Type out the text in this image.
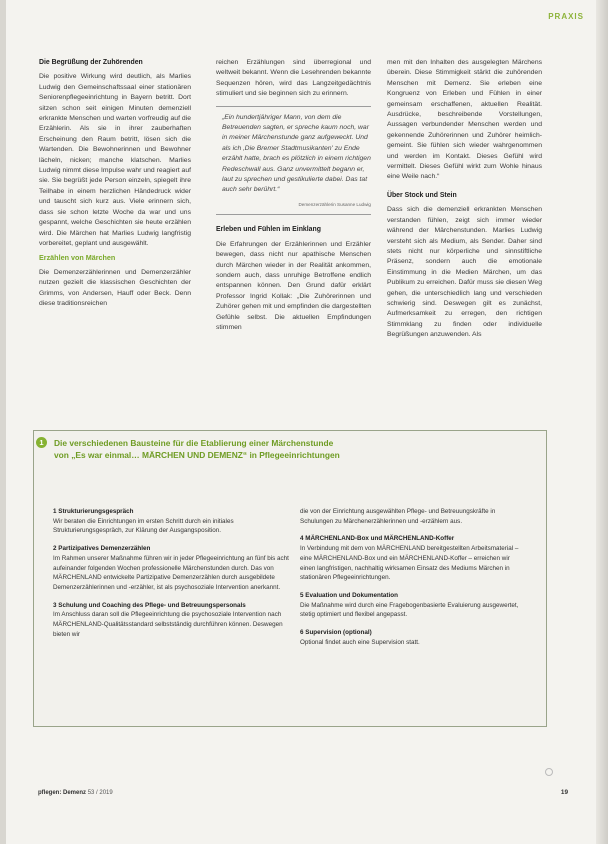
PRAXIS

Die Begrüßung der Zuhörenden

Die positive Wirkung wird deutlich, als Marlies Ludwig den Gemeinschaftssaal einer stationären Seniorenpflegeeinrichtung in Bayern betritt. Dort sitzen schon seit einigen Minuten demenziell erkrankte Menschen und warten vorfreudig auf die Erzählerin. Als sie in ihrer zauberhaften Erscheinung den Raum betritt, lösen sich die Wartenden. Die Bewohnerinnen und Bewohner lächeln, nicken; manche klatschen. Marlies Ludwig nimmt diese Impulse wahr und reagiert auf sie. Sie begrüßt jede Person einzeln, spiegelt ihre Teilhabe in einem herzlichen Händedruck wider und tauscht sich kurz aus. Viele erinnern sich, dass sie schon letzte Woche da war und uns gespannt, welche Geschichten sie heute erzählen wird. Die Märchen hat Marlies Ludwig langfristig vorbereitet, geplant und ausgewählt.

Erzählen von Märchen

Die Demenzerzählerinnen und Demenzerzähler nutzen gezielt die klassischen Geschichten der Grimms, von Andersen, Hauff oder Beck. Denn diese traditionsreichen

reichen Erzählungen sind überregional und weltweit bekannt. Wenn die Lesehrenden bekannte Sequenzen hören, wird das Langzeitgedächtnis stimuliert und sie beginnen sich zu erinnern.

„Ein hundertjähriger Mann, von dem die Betreuenden sagten, er spreche kaum noch, war in meiner Märchenstunde ganz aufgeweckt. Und als ich ‚Die Bremer Stadtmusikanten' zu Ende erzählt hatte, brach es plötzlich in einem richtigen Redeschwall aus. Ganz unvermittelt begann er, laut zu sprechen und gestikulierte dabei. Das tat auch sehr berührt.“
Demenzerzählerin Susanne Ludwig

Erleben und Fühlen im Einklang

Die Erfahrungen der Erzählerinnen und Erzähler bewegen, dass nicht nur apathische Menschen durch Märchen wieder in der Realität ankommen, sondern auch, dass unruhige Betroffene endlich entspannen können. Den Grund dafür erklärt Professor Ingrid Kollak: „Die Zuhörerinnen und Zuhörer gehen mit und empfinden die dargestellten Gefühle selbst. Die aktuellen Empfindungen stimmen

men mit den Inhalten des ausgelegten Märchens überein. Diese Stimmigkeit stärkt die zuhörenden Menschen mit Demenz. Sie erleben eine Kongruenz von Erleben und Fühlen in einer gemeinsam erschaffenen, aktuellen Realität. Ausdrücke, beschreibende Vorstellungen, Aussagen verbundender Menschen werden und gekennende Zuhörerinnen und Zuhörer heimlich-gemeint. Sie fühlen sich wieder wahrgenommen und werden im Kontakt. Dieses Gefühl wird vermittelt. Dieses Gefühl wirkt zum Wohle hinaus eine Weile nach.“

Über Stock und Stein

Dass sich die demenziell erkrankten Menschen verstanden fühlen, zeigt sich immer wieder während der Märchenstunden. Marlies Ludwig versteht sich als Medium, als Sender. Daher sind stets nicht nur körperliche und sinnstiftliche Präsenz, sondern auch die emotionale Einstimmung in die Medien Märchen, um das Publikum zu erreichen. Dafür muss sie diesen Weg gehen, die unterschiedlich lang und verschieden schwierig sind. Deswegen gilt es zunächst, Aufmerksamkeit zu erregen, den richtigen Stimmklang zu finden oder individuelle Begrüßungen anzuwenden. Als

1	Die verschiedenen Bausteine für die Etablierung einer Märchenstunde
von „Es war einmal… MÄRCHEN UND DEMENZ“ in Pflegeeinrichtungen
1 Strukturierungsgespräch

Wir beraten die Einrichtungen im ersten Schritt durch ein initiales Strukturierungsgespräch, zur Klärung der Ausgangsposition.

2 Partizipatives Demenzerzählen

Im Rahmen unserer Maßnahme führen wir in jeder Pflegeeinrichtung an fünf bis acht aufeinander folgenden Wochen professionelle Märchenstunden durch. Das von MÄRCHENLAND entwickelte Partizipative Demenzerzählen durch ausgebildete Demenzerzählerinnen und -erzähler, ist als psychosoziale Intervention anerkannt.

3 Schulung und Coaching des Pflege- und Betreuungspersonals

Im Anschluss daran soll die Pflegeeinrichtung die psychosoziale Intervention nach MÄRCHENLAND-Qualitätsstandard selbstständig durchführen können. Deswegen bieten wir

die von der Einrichtung ausgewählten Pflege- und Betreuungskräfte in Schulungen zu Märchenerzählerinnen und -erzählern aus.

4 MÄRCHENLAND-Box und MÄRCHENLAND-Koffer

In Verbindung mit dem von MÄRCHENLAND bereitgestellten Arbeitsmaterial – eine MÄRCHENLAND-Box und ein MÄRCHENLAND-Koffer – erreichen wir einen langfristigen, nachhaltig wirksamen Einsatz des Mediums Märchen in stationären Pflegeeinrichtungen.

5 Evaluation und Dokumentation

Die Maßnahme wird durch eine Fragebogenbasierte Evaluierung ausgewertet, stetig optimiert und flexibel angepasst.

6 Supervision (optional)

Optional findet auch eine Supervision statt.

pflegen: Demenz 53 / 2019	19
